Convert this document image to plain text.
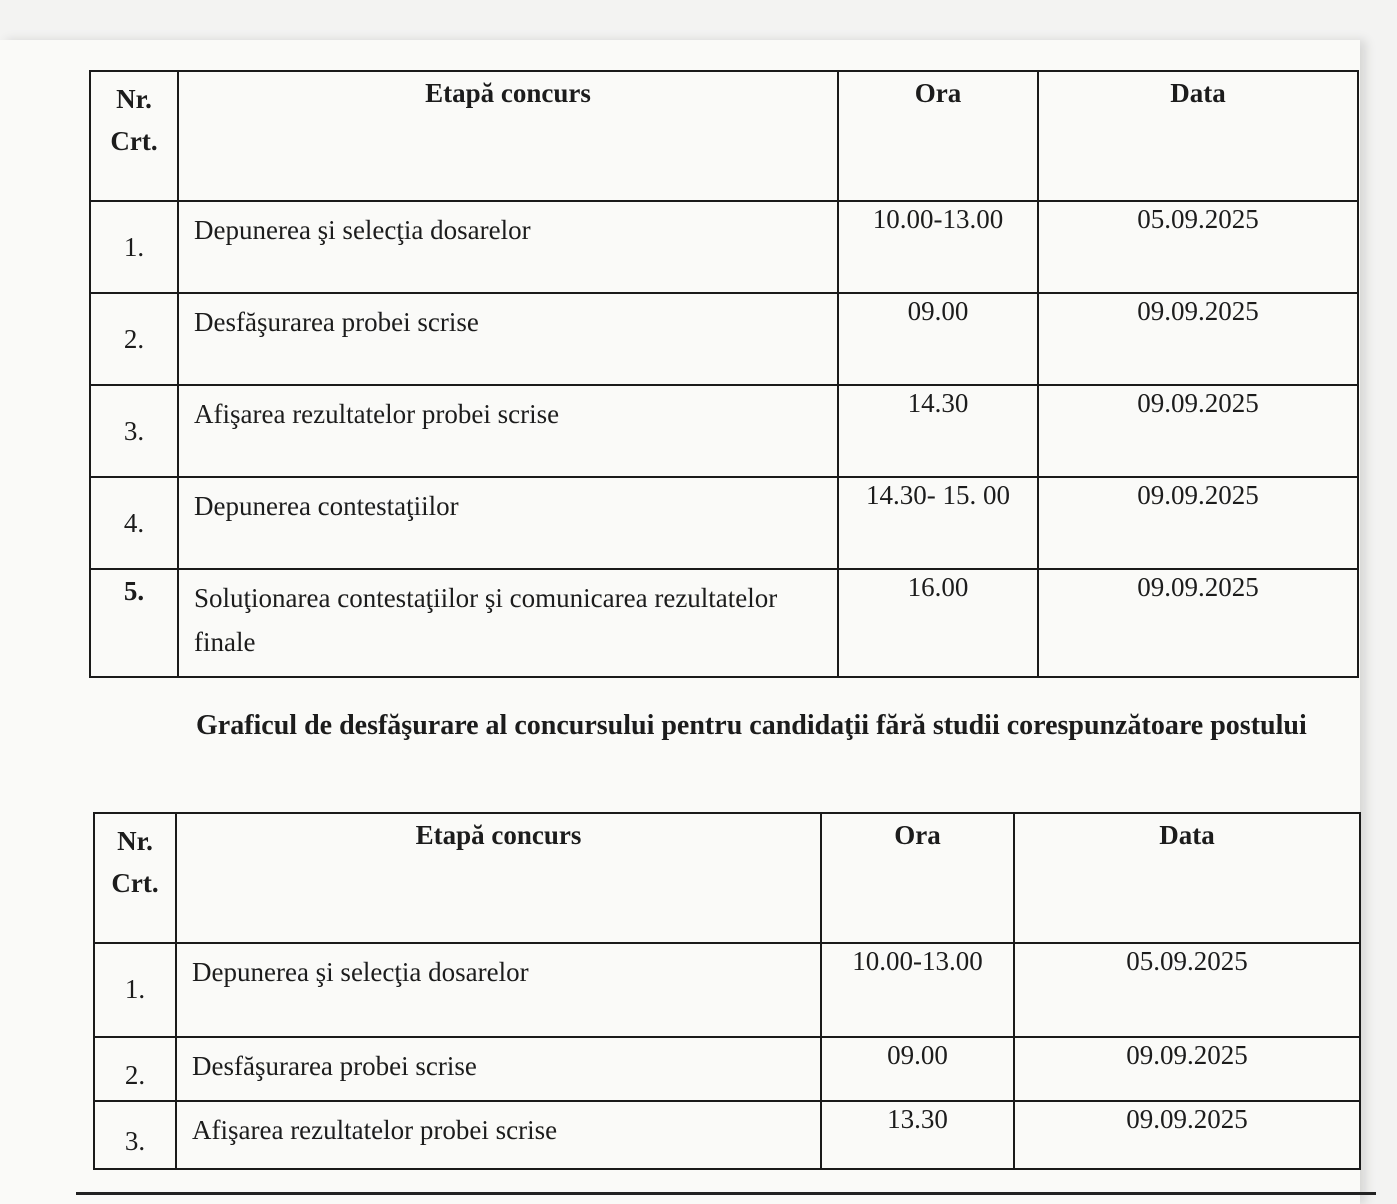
Nr.
Crt.	Etapă concurs	Ora	Data
1.	Depunerea şi selecţia dosarelor	10.00-13.00	05.09.2025
2.	Desfăşurarea probei scrise	09.00	09.09.2025
3.	Afişarea rezultatelor probei scrise	14.30	09.09.2025
4.	Depunerea contestaţiilor	14.30- 15. 00	09.09.2025
5.	Soluţionarea contestaţiilor şi comunicarea rezultatelor finale	16.00	09.09.2025
Graficul de desfăşurare al concursului pentru candidaţii fără studii corespunzătoare postului
Nr.
Crt.	Etapă concurs	Ora	Data
1.	Depunerea şi selecţia dosarelor	10.00-13.00	05.09.2025
2.	Desfăşurarea probei scrise	09.00	09.09.2025
3.	Afişarea rezultatelor probei scrise	13.30	09.09.2025
